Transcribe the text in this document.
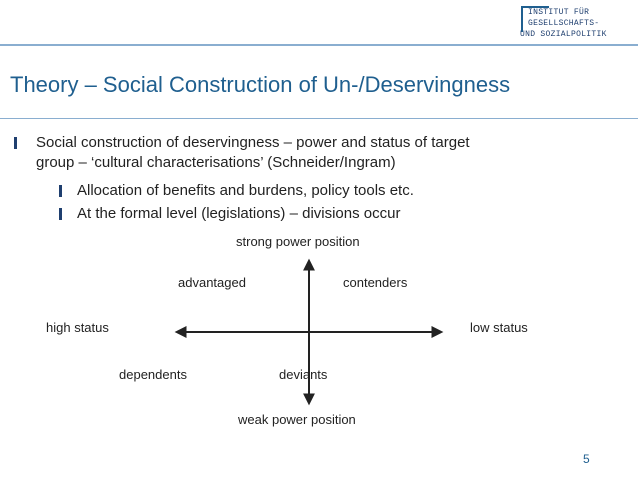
INSTITUT FÜR
GESELLSCHAFTS-
UND SOZIALPOLITIK
Theory – Social Construction of Un-/Deservingness
Social construction of deservingness – power and status of target
group – ‘cultural characterisations’ (Schneider/Ingram)
Allocation of benefits and burdens, policy tools etc.
At the formal level (legislations) – divisions occur
strong power position
advantaged	contenders
high status	low status
dependents	deviants
weak power position
5
